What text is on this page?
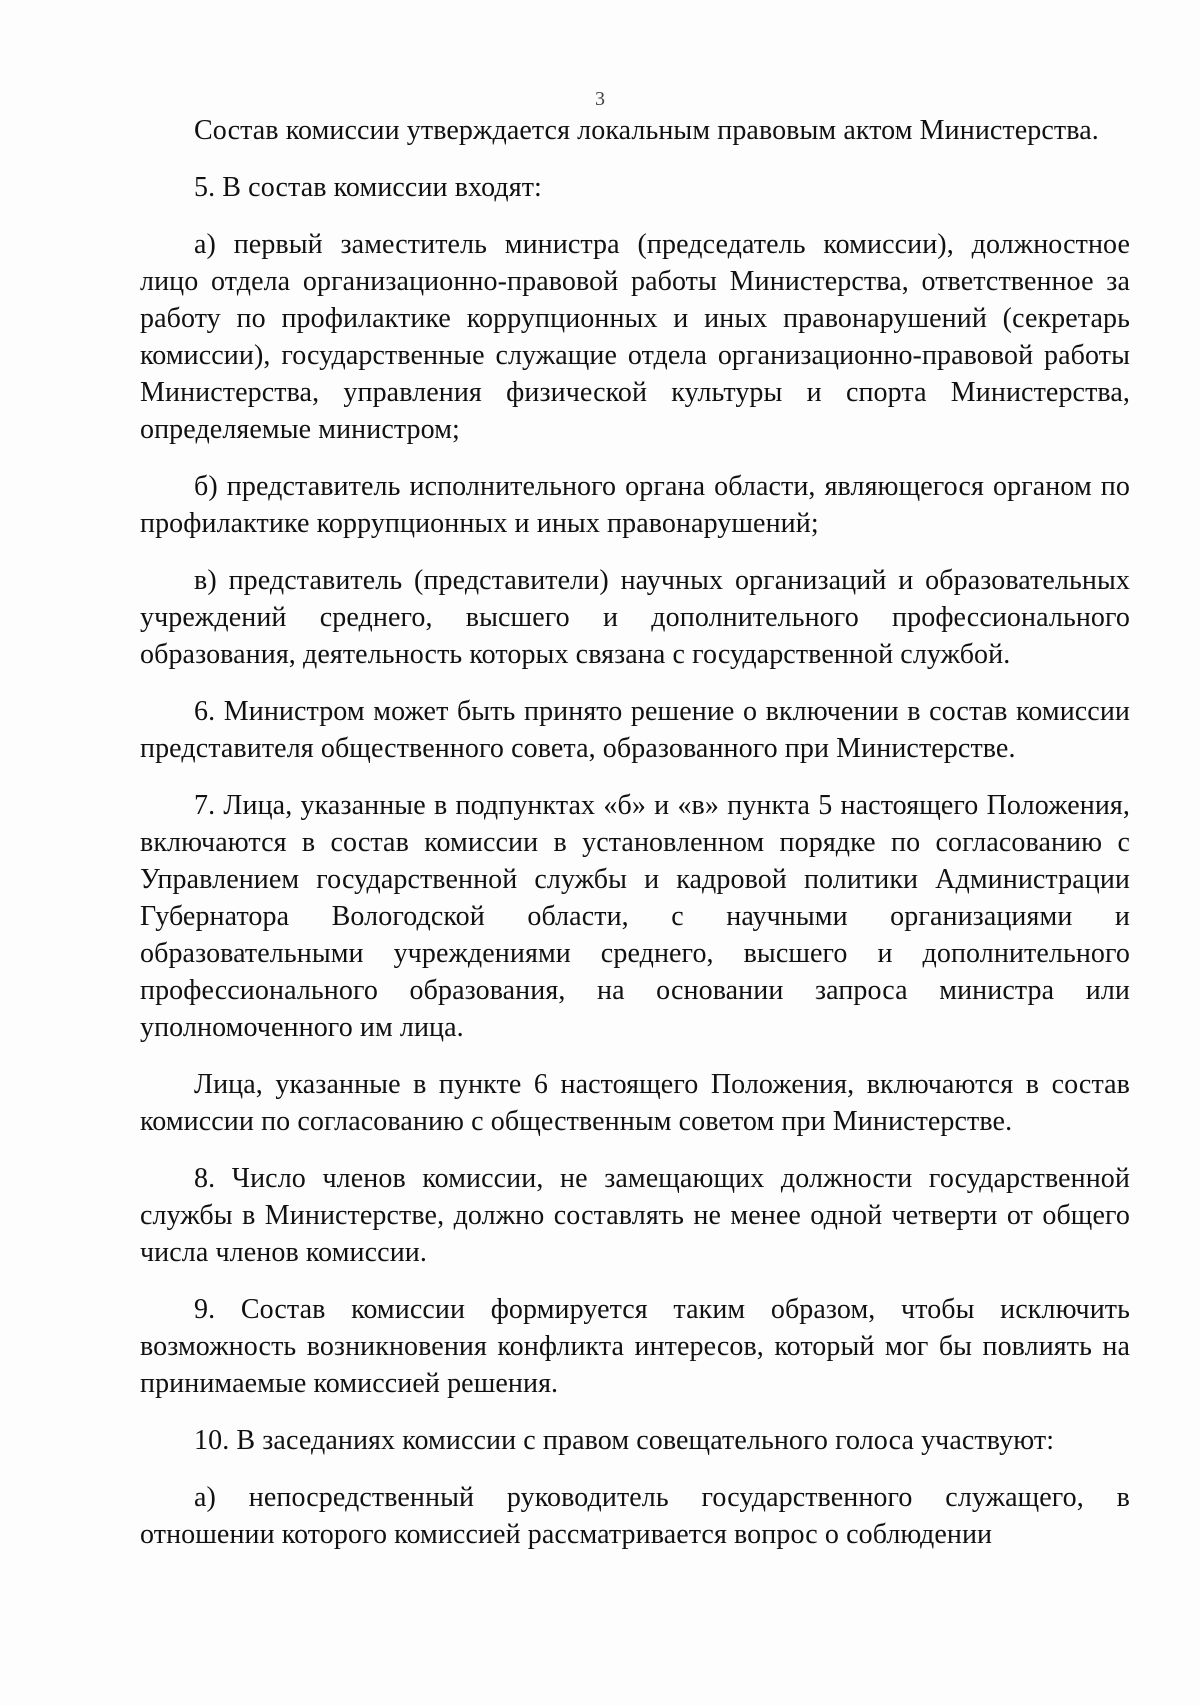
3

Состав комиссии утверждается локальным правовым актом Министерства.

5. В состав комиссии входят:

а) первый заместитель министра (председатель комиссии), должностное лицо отдела организационно-правовой работы Министерства, ответственное за работу по профилактике коррупционных и иных правонарушений (секретарь комиссии), государственные служащие отдела организационно-правовой работы Министерства, управления физической культуры и спорта Министерства, определяемые министром;

б) представитель исполнительного органа области, являющегося органом по профилактике коррупционных и иных правонарушений;

в) представитель (представители) научных организаций и образовательных учреждений среднего, высшего и дополнительного профессионального образования, деятельность которых связана с государственной службой.

6. Министром может быть принято решение о включении в состав комиссии представителя общественного совета, образованного при Министерстве.

7. Лица, указанные в подпунктах «б» и «в» пункта 5 настоящего Положения, включаются в состав комиссии в установленном порядке по согласованию с Управлением государственной службы и кадровой политики Администрации Губернатора Вологодской области, с научными организациями и образовательными учреждениями среднего, высшего и дополнительного профессионального образования, на основании запроса министра или уполномоченного им лица.

Лица, указанные в пункте 6 настоящего Положения, включаются в состав комиссии по согласованию с общественным советом при Министерстве.

8. Число членов комиссии, не замещающих должности государственной службы в Министерстве, должно составлять не менее одной четверти от общего числа членов комиссии.

9. Состав комиссии формируется таким образом, чтобы исключить возможность возникновения конфликта интересов, который мог бы повлиять на принимаемые комиссией решения.

10. В заседаниях комиссии с правом совещательного голоса участвуют:

а) непосредственный руководитель государственного служащего, в отношении которого комиссией рассматривается вопрос о соблюдении
